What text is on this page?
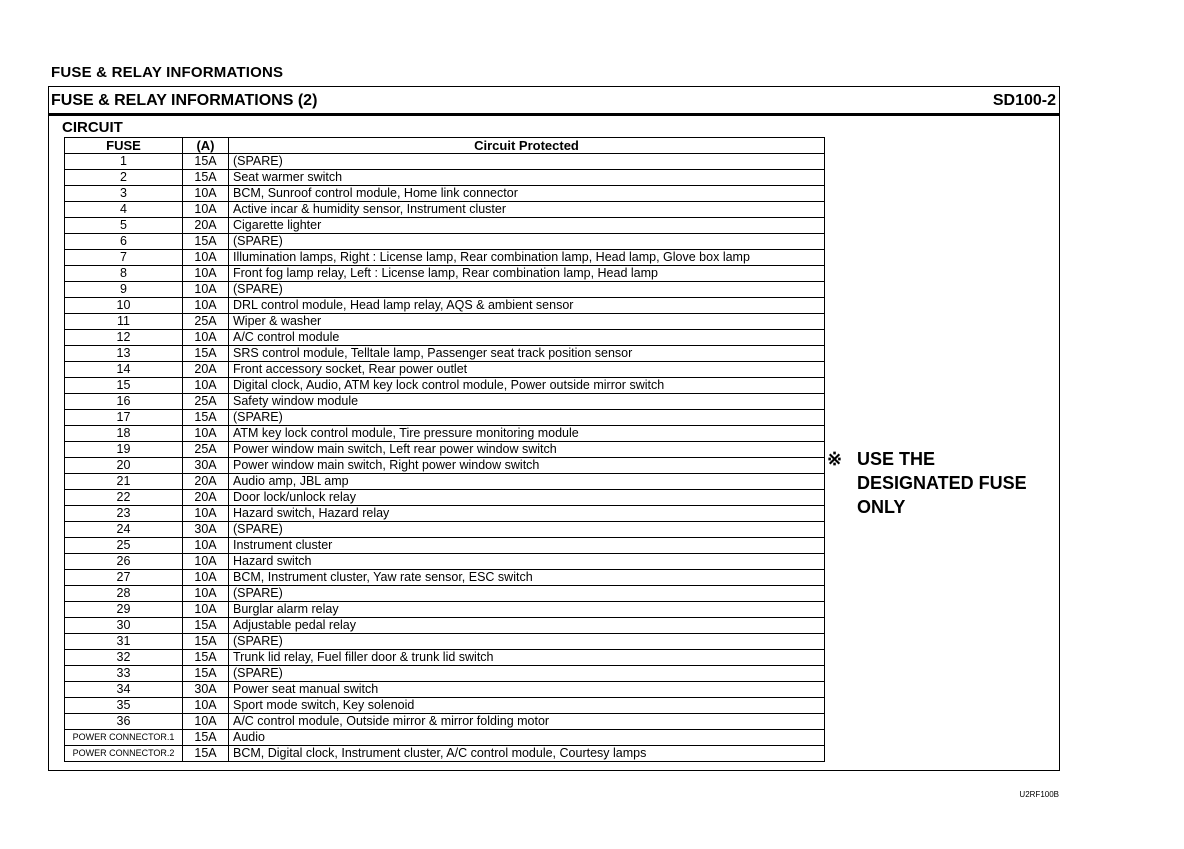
FUSE & RELAY INFORMATIONS
FUSE & RELAY INFORMATIONS (2)	SD100-2
CIRCUIT
FUSE	(A)	Circuit Protected
1	15A	(SPARE)
2	15A	Seat warmer switch
3	10A	BCM, Sunroof control module, Home link connector
4	10A	Active incar & humidity sensor, Instrument cluster
5	20A	Cigarette lighter
6	15A	(SPARE)
7	10A	Illumination lamps, Right : License lamp, Rear combination lamp, Head lamp, Glove box lamp
8	10A	Front fog lamp relay, Left : License lamp, Rear combination lamp, Head lamp
9	10A	(SPARE)
10	10A	DRL control module, Head lamp relay, AQS & ambient sensor
11	25A	Wiper & washer
12	10A	A/C control module
13	15A	SRS control module, Telltale lamp, Passenger seat track position sensor
14	20A	Front accessory socket, Rear power outlet
15	10A	Digital clock, Audio, ATM key lock control module, Power outside mirror switch
16	25A	Safety window module
17	15A	(SPARE)
18	10A	ATM key lock control module, Tire pressure monitoring module
19	25A	Power window main switch, Left rear power window switch
20	30A	Power window main switch, Right power window switch
21	20A	Audio amp, JBL amp
22	20A	Door lock/unlock relay
23	10A	Hazard switch, Hazard relay
24	30A	(SPARE)
25	10A	Instrument cluster
26	10A	Hazard switch
27	10A	BCM, Instrument cluster, Yaw rate sensor, ESC switch
28	10A	(SPARE)
29	10A	Burglar alarm relay
30	15A	Adjustable pedal relay
31	15A	(SPARE)
32	15A	Trunk lid relay, Fuel filler door & trunk lid switch
33	15A	(SPARE)
34	30A	Power seat manual switch
35	10A	Sport mode switch, Key solenoid
36	10A	A/C control module, Outside mirror & mirror folding motor
POWER CONNECTOR.1	15A	Audio
POWER CONNECTOR.2	15A	BCM, Digital clock, Instrument cluster, A/C control module, Courtesy lamps
※ USE THE
DESIGNATED FUSE
ONLY
U2RF100B
